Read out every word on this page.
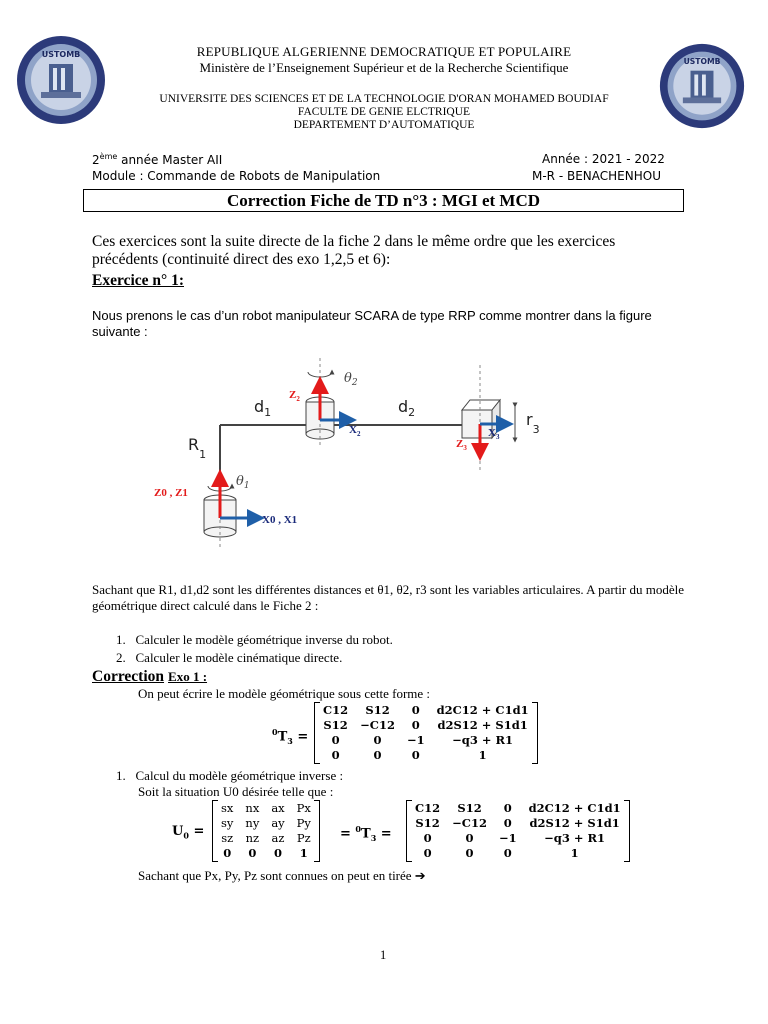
USTOMB
USTOMB
REPUBLIQUE ALGERIENNE DEMOCRATIQUE ET POPULAIRE
Ministère de l’Enseignement Supérieur et de la Recherche Scientifique
UNIVERSITE DES SCIENCES ET DE LA TECHNOLOGIE D'ORAN MOHAMED BOUDIAF
FACULTE DE GENIE ELCTRIQUE
DEPARTEMENT D’AUTOMATIQUE
2ème année Master AII	Année : 2021 - 2022
Module : Commande de Robots de Manipulation	M-R - BENACHENHOU
Correction Fiche de TD n°3 : MGI et MCD
Ces exercices sont la suite directe de la fiche 2 dans le même ordre que les exercices précédents (continuité direct des exo 1,2,5 et 6):
Exercice n° 1:
Nous prenons le cas d’un robot manipulateur SCARA de type RRP comme montrer dans la figure suivante :
$d_1$	$d_2$
$R_1$
$r_3$
$\theta_1$
$\theta_2$
$Z_2$
$X_2$
$Z_3$
$X_3$
Z0 , Z1
X0 , X1
Sachant que R1, d1,d2 sont les différentes distances et θ1, θ2, r3 sont les variables articulaires. A partir du modèle géométrique direct calculé dans le Fiche 2 :
1.   Calculer le modèle géométrique inverse du robot.
2.   Calculer le modèle cinématique directe.
Correction Exo 1 :
On peut écrire le modèle géométrique sous cette forme :
$^0T_3$ =
C12	S12	0	d2C12 + C1d1
S12	−C12	0	d2S12 + S1d1
0	0	−1	−q3 + R1
0	0	0	1
1.   Calcul du modèle géométrique inverse :
Soit la situation U0 désirée telle que :
$U_0$ =
sx	nx	ax	Px
sy	ny	ay	Py
sz	nz	az	Pz
0	0	0	1
= $^0T_3$ =
C12	S12	0	d2C12 + C1d1
S12	−C12	0	d2S12 + S1d1
0	0	−1	−q3 + R1
0	0	0	1
Sachant que Px, Py, Pz sont connues on peut en tirée ➔
1
